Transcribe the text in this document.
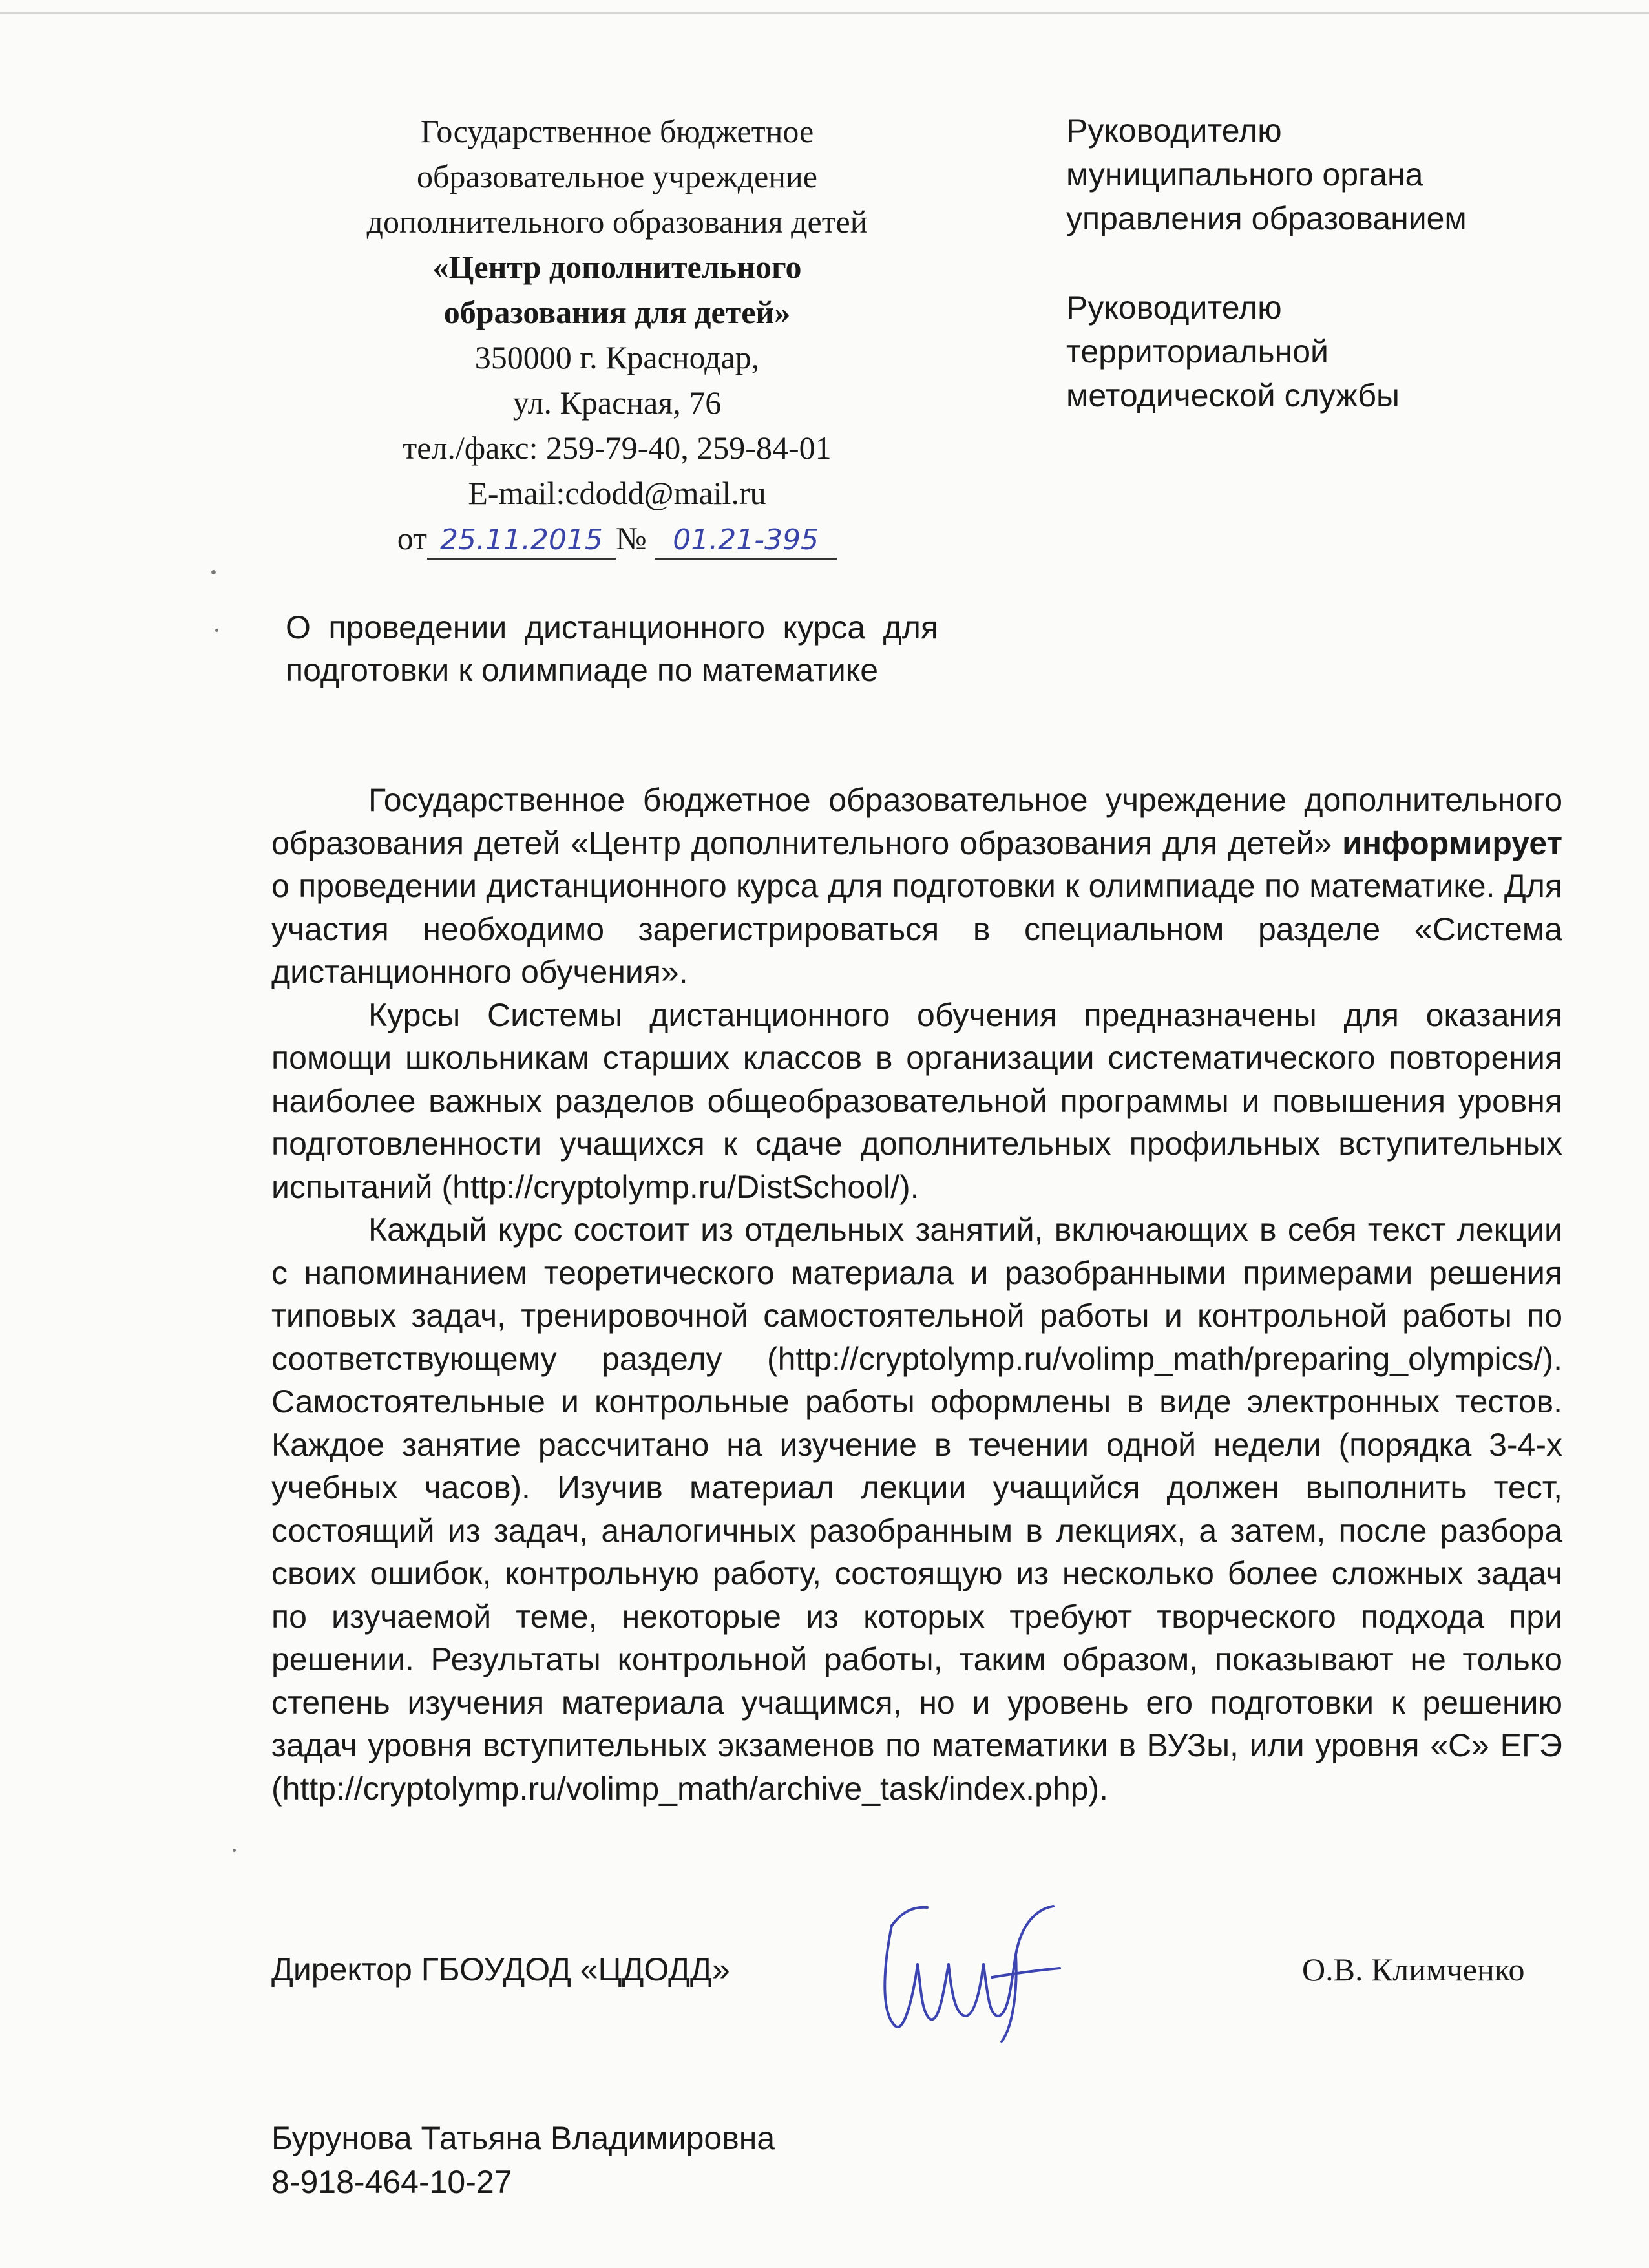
Государственное бюджетное
образовательное учреждение
дополнительного образования детей
«Центр дополнительного
образования для детей»
350000 г. Краснодар,
ул. Красная, 76
тел./факс: 259-79-40, 259-84-01
E-mail:cdodd@mail.ru
от 25.11.2015 № 01.21-395
Руководителю
муниципального органа
управления образованием
Руководителю
территориальной
методической службы
О проведении дистанционного курса для подготовки к олимпиаде по математике

Государственное бюджетное образовательное учреждение дополнительного образования детей «Центр дополнительного образования для детей» информирует о проведении дистанционного курса для подготовки к олимпиаде по математике. Для участия необходимо зарегистрироваться в специальном разделе «Система дистанционного обучения».

Курсы Системы дистанционного обучения предназначены для оказания помощи школьникам старших классов в организации систематического повторения наиболее важных разделов общеобразовательной программы и повышения уровня подготовленности учащихся к сдаче дополнительных профильных вступительных испытаний (http://cryptolymp.ru/DistSchool/).

Каждый курс состоит из отдельных занятий, включающих в себя текст лекции с напоминанием теоретического материала и разобранными примерами решения типовых задач, тренировочной самостоятельной работы и контрольной работы по соответствующему разделу (http://cryptolymp.ru/volimp_math/preparing_olympics/). Самостоятельные и контрольные работы оформлены в виде электронных тестов. Каждое занятие рассчитано на изучение в течении одной недели (порядка 3-4-х учебных часов). Изучив материал лекции учащийся должен выполнить тест, состоящий из задач, аналогичных разобранным в лекциях, а затем, после разбора своих ошибок, контрольную работу, состоящую из несколько более сложных задач по изучаемой теме, некоторые из которых требуют творческого подхода при решении. Результаты контрольной работы, таким образом, показывают не только степень изучения материала учащимся, но и уровень его подготовки к решению задач уровня вступительных экзаменов по математики в ВУЗы, или уровня «С» ЕГЭ (http://cryptolymp.ru/volimp_math/archive_task/index.php).

Директор ГБОУДОД «ЦДОДД»	О.В. Климченко
Бурунова Татьяна Владимировна
8-918-464-10-27
